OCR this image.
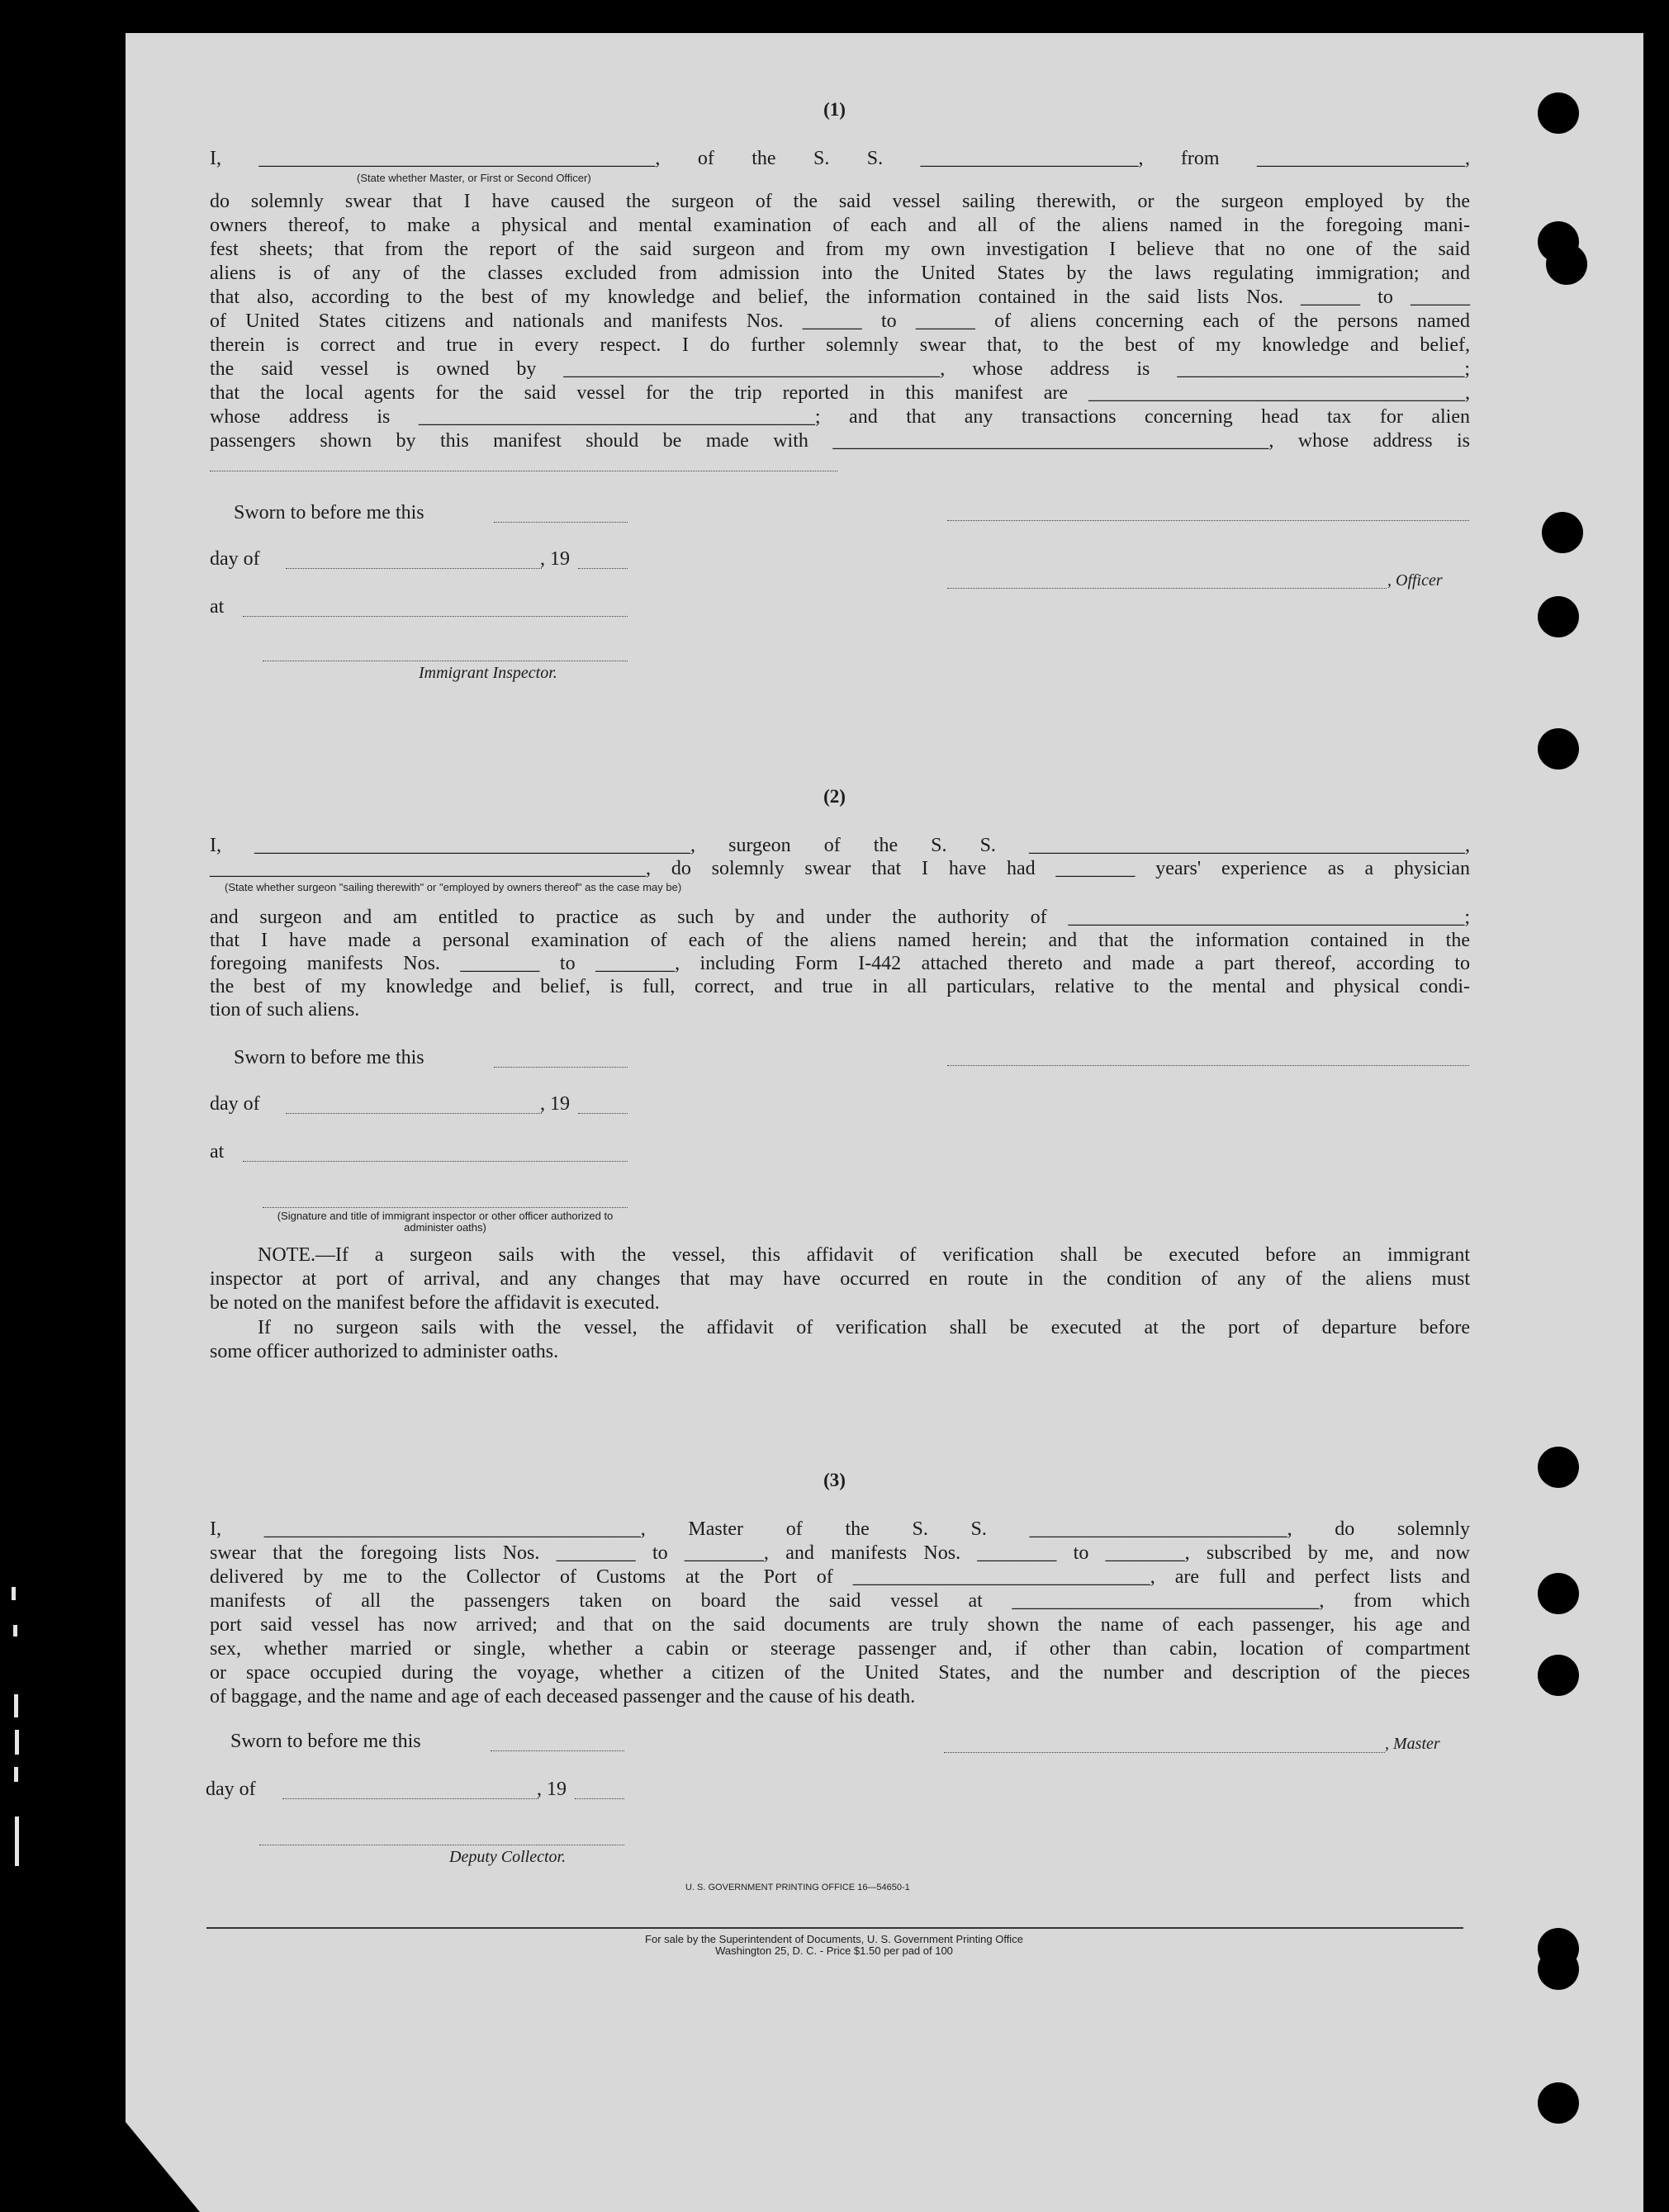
(1)
I, ________________________________________, of the S. S. ______________________, from _____________________,
(State whether Master, or First or Second Officer)
do solemnly swear that I have caused the surgeon of the said vessel sailing therewith, or the surgeon employed by the
owners thereof, to make a physical and mental examination of each and all of the aliens named in the foregoing mani-
fest sheets; that from the report of the said surgeon and from my own investigation I believe that no one of the said
aliens is of any of the classes excluded from admission into the United States by the laws regulating immigration; and
that also, according to the best of my knowledge and belief, the information contained in the said lists Nos. ______ to ______
of United States citizens and nationals and manifests Nos. ______ to ______ of aliens concerning each of the persons named
therein is correct and true in every respect. I do further solemnly swear that, to the best of my knowledge and belief,
the said vessel is owned by ______________________________________, whose address is _____________________________;
that the local agents for the said vessel for the trip reported in this manifest are ______________________________________,
whose address is ________________________________________; and that any transactions concerning head tax for alien
passengers shown by this manifest should be made with ____________________________________________, whose address is
Sworn to before me this
day of	, 19
, Officer
at
Immigrant Inspector.
(2)
I, ____________________________________________, surgeon of the S. S. ____________________________________________,
____________________________________________, do solemnly swear that I have had ________ years' experience as a physician
(State whether surgeon "sailing therewith" or "employed by owners thereof" as the case may be)
and surgeon and am entitled to practice as such by and under the authority of ________________________________________;
that I have made a personal examination of each of the aliens named herein; and that the information contained in the
foregoing manifests Nos. ________ to ________, including Form I-442 attached thereto and made a part thereof, according to
the best of my knowledge and belief, is full, correct, and true in all particulars, relative to the mental and physical condi-
tion of such aliens.
Sworn to before me this
day of	, 19
at
(Signature and title of immigrant inspector or other officer authorized to administer oaths)
NOTE.—If a surgeon sails with the vessel, this affidavit of verification shall be executed before an immigrant
inspector at port of arrival, and any changes that may have occurred en route in the condition of any of the aliens must
be noted on the manifest before the affidavit is executed.
If no surgeon sails with the vessel, the affidavit of verification shall be executed at the port of departure before
some officer authorized to administer oaths.
(3)
I, ______________________________________, Master of the S. S. __________________________, do solemnly
swear that the foregoing lists Nos. ________ to ________, and manifests Nos. ________ to ________, subscribed by me, and now
delivered by me to the Collector of Customs at the Port of ______________________________, are full and perfect lists and
manifests of all the passengers taken on board the said vessel at _______________________________, from which
port said vessel has now arrived; and that on the said documents are truly shown the name of each passenger, his age and
sex, whether married or single, whether a cabin or steerage passenger and, if other than cabin, location of compartment
or space occupied during the voyage, whether a citizen of the United States, and the number and description of the pieces
of baggage, and the name and age of each deceased passenger and the cause of his death.
Sworn to before me this	, Master
day of	, 19
Deputy Collector.
U. S. GOVERNMENT PRINTING OFFICE 16—54650-1
For sale by the Superintendent of Documents, U. S. Government Printing Office
Washington 25, D. C. - Price $1.50 per pad of 100
